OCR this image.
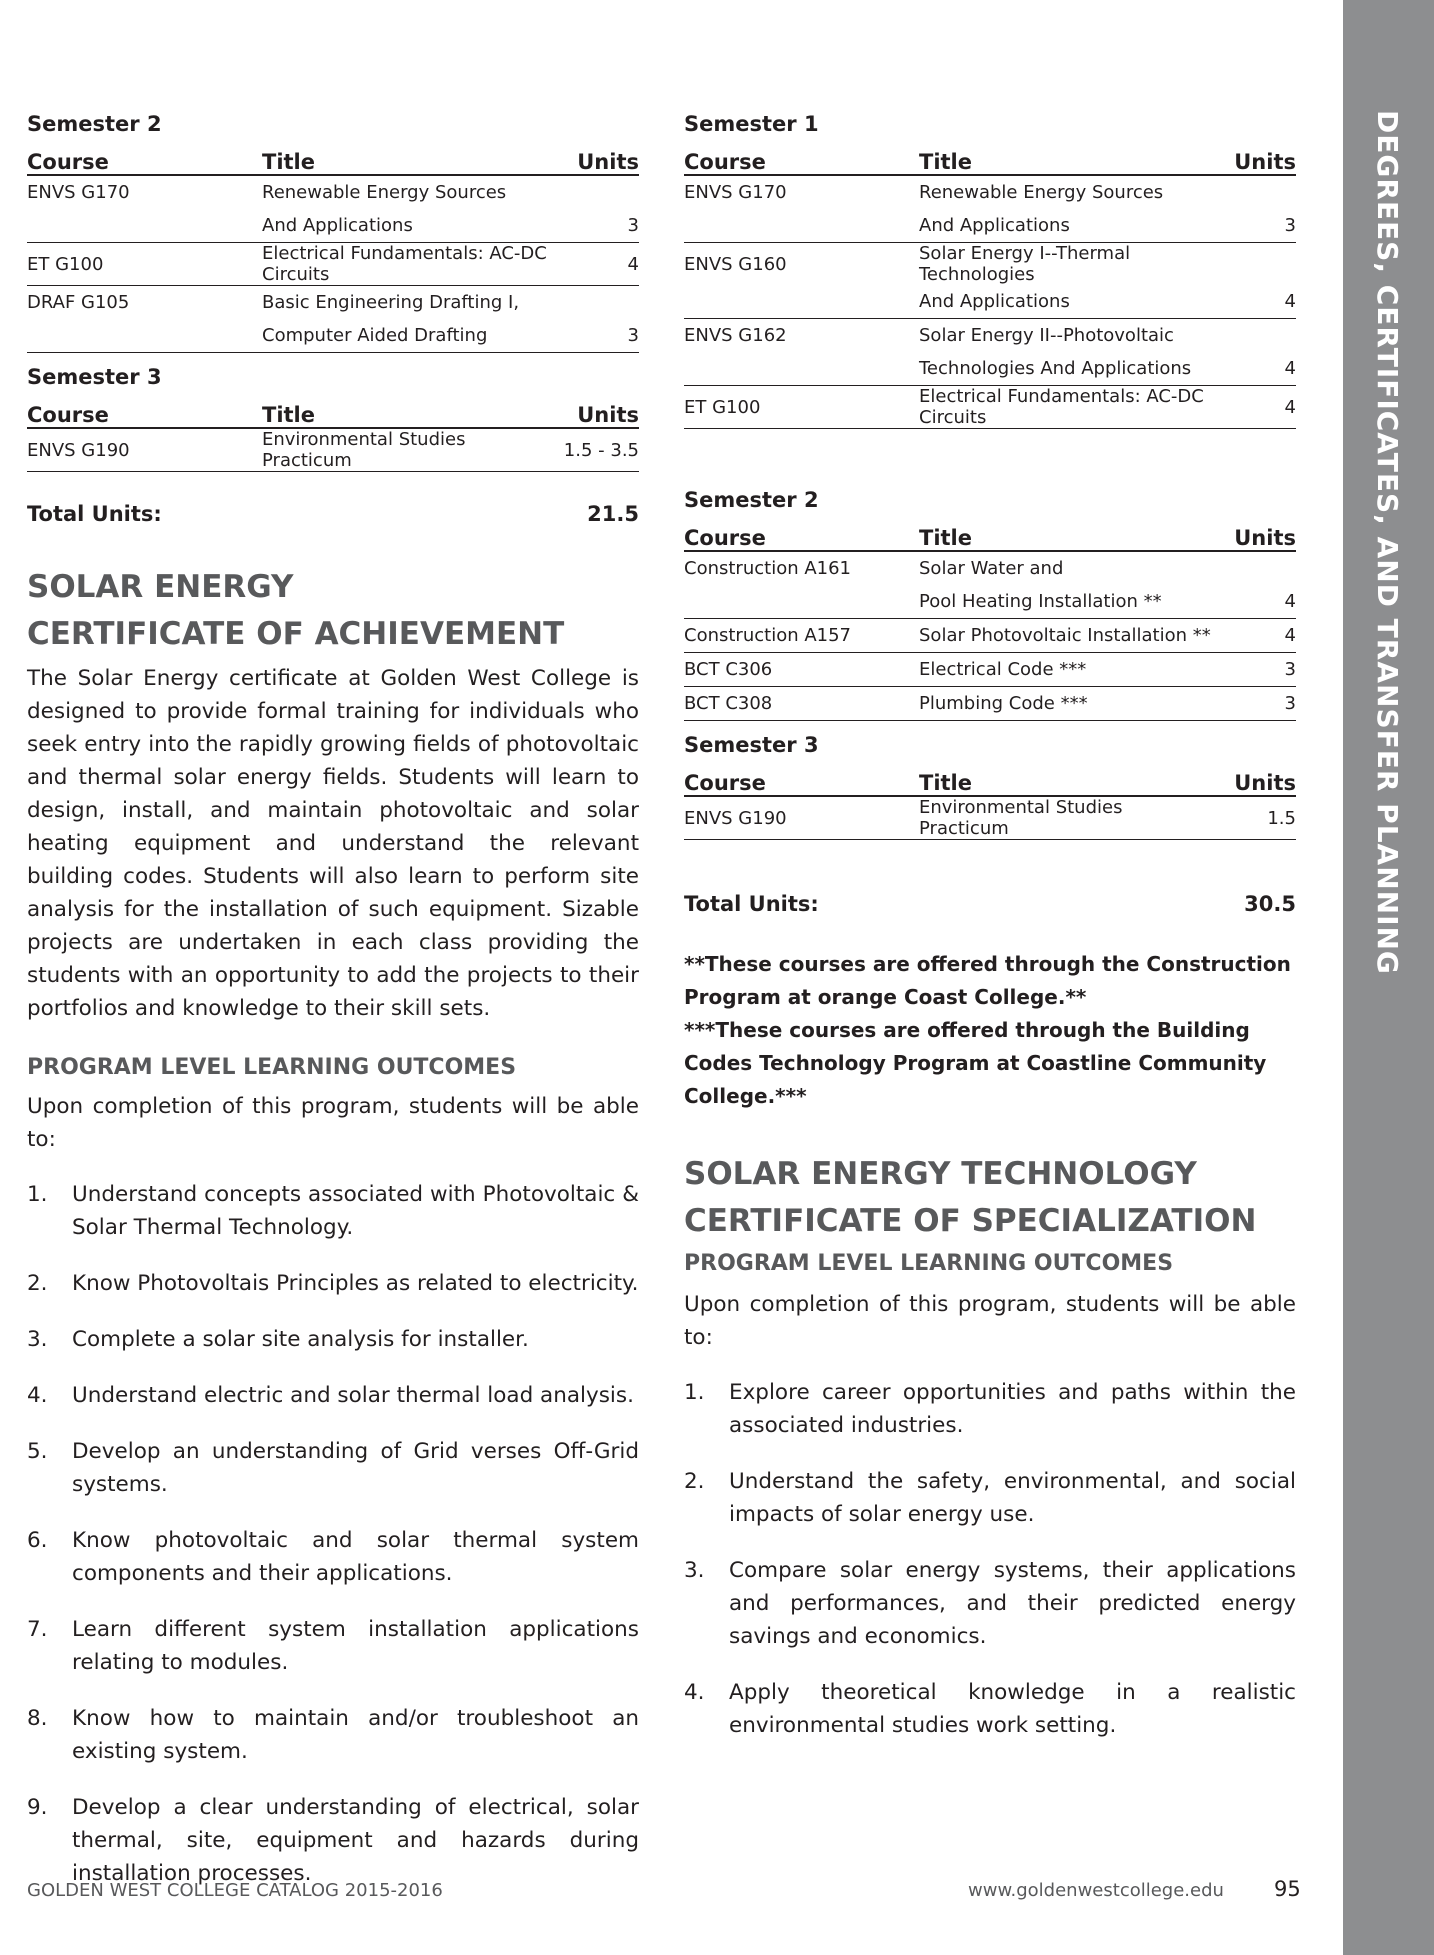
DEGREES, CERTIFICATES, AND TRANSFER PLANNING

Semester 2

Course	Title	Units
ENVS G170	Renewable Energy Sources	
	And Applications	3
ET G100	Electrical Fundamentals: AC-DC Circuits	4
DRAF G105	Basic Engineering Drafting I,	
	Computer Aided Drafting	3

Semester 3

Course	Title	Units
ENVS G190	Environmental Studies Practicum	1.5 - 3.5
Total Units:	21.5
SOLAR ENERGY
CERTIFICATE OF ACHIEVEMENT

The Solar Energy certificate at Golden West College is designed to provide formal training for individuals who seek entry into the rapidly growing fields of photovoltaic and thermal solar energy fields. Students will learn to design, install, and maintain photovoltaic and solar heating equipment and understand the relevant building codes. Students will also learn to perform site analysis for the installation of such equipment. Sizable projects are undertaken in each class providing the students with an opportunity to add the projects to their portfolios and knowledge to their skill sets.

PROGRAM LEVEL LEARNING OUTCOMES

Upon completion of this program, students will be able to:

1.	Understand concepts associated with Photovoltaic & Solar Thermal Technology.
2.	Know Photovoltais Principles as related to electricity.
3.	Complete a solar site analysis for installer.
4.	Understand electric and solar thermal load analysis.
5.	Develop an understanding of Grid verses Off-Grid systems.
6.	Know photovoltaic and solar thermal system components and their applications.
7.	Learn different system installation applications relating to modules.
8.	Know how to maintain and/or troubleshoot an existing system.
9.	Develop a clear understanding of electrical, solar thermal, site, equipment and hazards during installation processes.

Semester 1

Course	Title	Units
ENVS G170	Renewable Energy Sources	
	And Applications	3
ENVS G160	Solar Energy I--Thermal Technologies	
	And Applications	4
ENVS G162	Solar Energy II--Photovoltaic	
	Technologies And Applications	4
ET G100	Electrical Fundamentals: AC-DC Circuits	4

Semester 2

Course	Title	Units
Construction A161	Solar Water and	
	Pool Heating Installation **	4
Construction A157	Solar Photovoltaic Installation **	4
BCT C306	Electrical Code ***	3
BCT C308	Plumbing Code ***	3

Semester 3

Course	Title	Units
ENVS G190	Environmental Studies Practicum	1.5
Total Units:	30.5

**These courses are offered through the Construction Program at orange Coast College.**

***These courses are offered through the Building Codes Technology Program at Coastline Community College.***

SOLAR ENERGY TECHNOLOGY
CERTIFICATE OF SPECIALIZATION
PROGRAM LEVEL LEARNING OUTCOMES

Upon completion of this program, students will be able to:

1.	Explore career opportunities and paths within the associated industries.
2.	Understand the safety, environmental, and social impacts of solar energy use.
3.	Compare solar energy systems, their applications and performances, and their predicted energy savings and economics.
4.	Apply theoretical knowledge in a realistic environmental studies work setting.
GOLDEN WEST COLLEGE CATALOG 2015-2016	www.goldenwestcollege.edu 95
